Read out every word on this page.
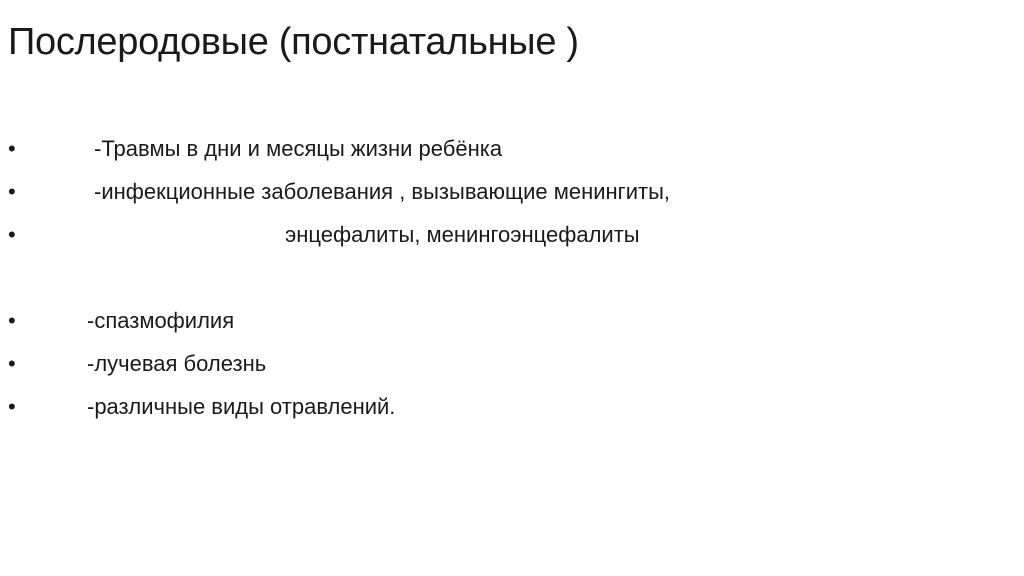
Послеродовые (постнатальные )
•	-Травмы в дни и месяцы жизни ребёнка
•	-инфекционные заболевания , вызывающие менингиты,
•	энцефалиты, менингоэнцефалиты
•	-спазмофилия
•	-лучевая болезнь
•	-различные виды отравлений.
